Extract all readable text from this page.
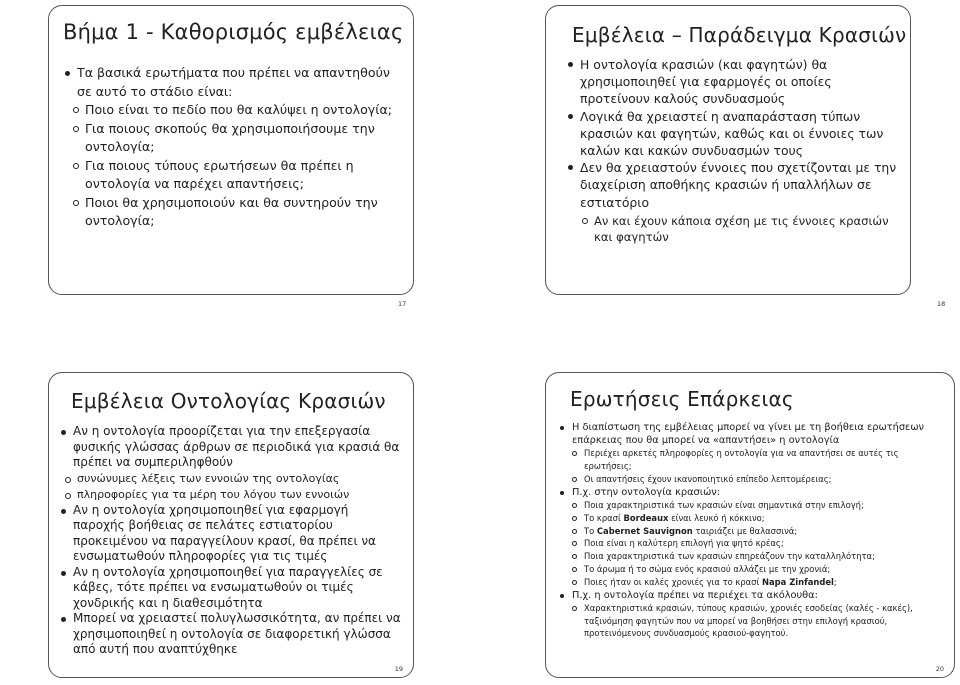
Βήμα 1 - Καθορισμός εμβέλειας
Τα βασικά ερωτήματα που πρέπει να απαντηθούν σε αυτό το στάδιο είναι:
Ποιο είναι το πεδίο που θα καλύψει η οντολογία;
Για ποιους σκοπούς θα χρησιμοποιήσουμε την οντολογία;
Για ποιους τύπους ερωτήσεων θα πρέπει η οντολογία να παρέχει απαντήσεις;
Ποιοι θα χρησιμοποιούν και θα συντηρούν την οντολογία;
17
Εμβέλεια – Παράδειγμα Κρασιών
Η οντολογία κρασιών (και φαγητών) θα χρησιμοποιηθεί για εφαρμογές οι οποίες προτείνουν καλούς συνδυασμούς
Λογικά θα χρειαστεί η αναπαράσταση τύπων κρασιών και φαγητών, καθώς και οι έννοιες των καλών και κακών συνδυασμών τους
Δεν θα χρειαστούν έννοιες που σχετίζονται με την διαχείριση αποθήκης κρασιών ή υπαλλήλων σε εστιατόριο
Αν και έχουν κάποια σχέση με τις έννοιες κρασιών και φαγητών
18
Εμβέλεια Οντολογίας Κρασιών
Αν η οντολογία προορίζεται για την επεξεργασία φυσικής γλώσσας άρθρων σε περιοδικά για κρασιά θα πρέπει να συμπεριληφθούν
συνώνυμες λέξεις των εννοιών της οντολογίας
πληροφορίες για τα μέρη του λόγου των εννοιών
Αν η οντολογία χρησιμοποιηθεί για εφαρμογή παροχής βοήθειας σε πελάτες εστιατορίου προκειμένου να παραγγείλουν κρασί, θα πρέπει να ενσωματωθούν πληροφορίες για τις τιμές
Αν η οντολογία χρησιμοποιηθεί για παραγγελίες σε κάβες, τότε πρέπει να ενσωματωθούν οι τιμές χονδρικής και η διαθεσιμότητα
Μπορεί να χρειαστεί πολυγλωσσικότητα, αν πρέπει να χρησιμοποιηθεί η οντολογία σε διαφορετική γλώσσα από αυτή που αναπτύχθηκε
19
Ερωτήσεις Επάρκειας
Η διαπίστωση της εμβέλειας μπορεί να γίνει με τη βοήθεια ερωτήσεων επάρκειας που θα μπορεί να «απαντήσει» η οντολογία
Περιέχει αρκετές πληροφορίες η οντολογία για να απαντήσει σε αυτές τις ερωτήσεις;
Οι απαντήσεις έχουν ικανοποιητικό επίπεδο λεπτομέρειας;
Π.χ. στην οντολογία κρασιών:
Ποια χαρακτηριστικά των κρασιών είναι σημαντικά στην επιλογή;
Το κρασί Bordeaux είναι λευκό ή κόκκινο;
Το Cabernet Sauvignon ταιριάζει με θαλασσινά;
Ποια είναι η καλύτερη επιλογή για ψητό κρέας;
Ποια χαρακτηριστικά των κρασιών επηρεάζουν την καταλληλότητα;
Το άρωμα ή το σώμα ενός κρασιού αλλάζει με την χρονιά;
Ποιες ήταν οι καλές χρονιές για το κρασί Napa Zinfandel;
Π.χ. η οντολογία πρέπει να περιέχει τα ακόλουθα:
Χαρακτηριστικά κρασιών, τύπους κρασιών, χρονιές εσοδείας (καλές - κακές), ταξινόμηση φαγητών που να μπορεί να βοηθήσει στην επιλογή κρασιού, προτεινόμενους συνδυασμούς κρασιού-φαγητού.
20
